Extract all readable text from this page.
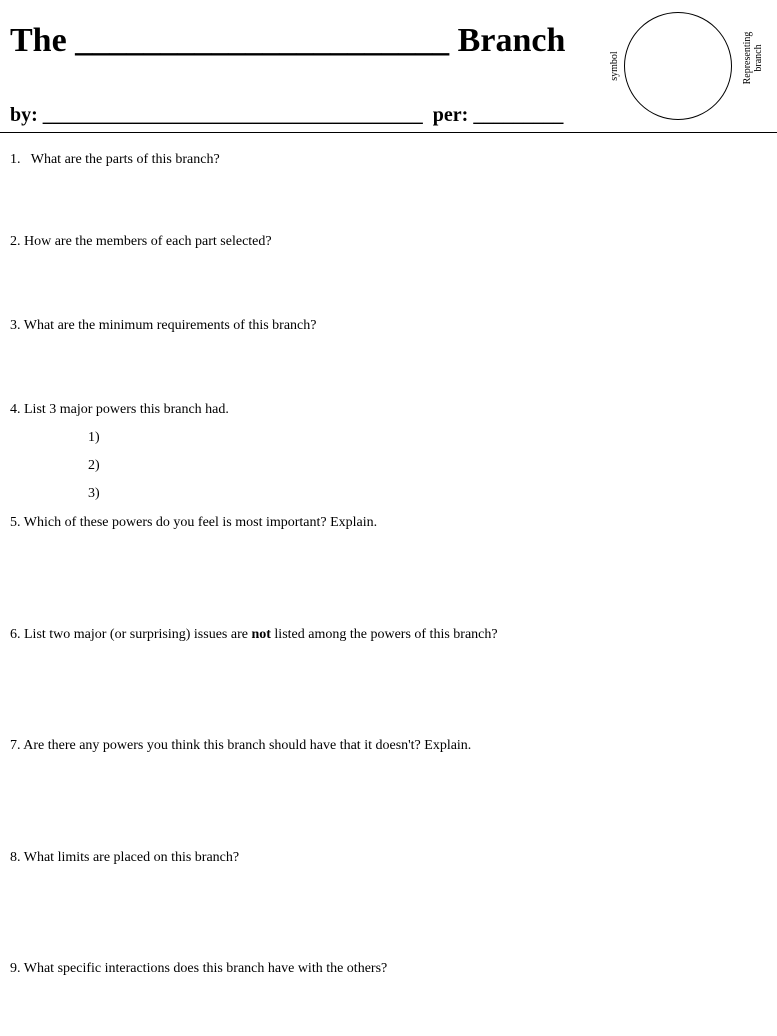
The ______________________ Branch
by: ______________________________________  per: _________
symbol	Representing branch
1.   What are the parts of this branch?
2. How are the members of each part selected?
3. What are the minimum requirements of this branch?
4. List 3 major powers this branch had.
1)
2)
3)
5. Which of these powers do you feel is most important? Explain.
6. List two major (or surprising) issues are not listed among the powers of this branch?
7. Are there any powers you think this branch should have that it doesn't? Explain.
8. What limits are placed on this branch?
9. What specific interactions does this branch have with the others?
